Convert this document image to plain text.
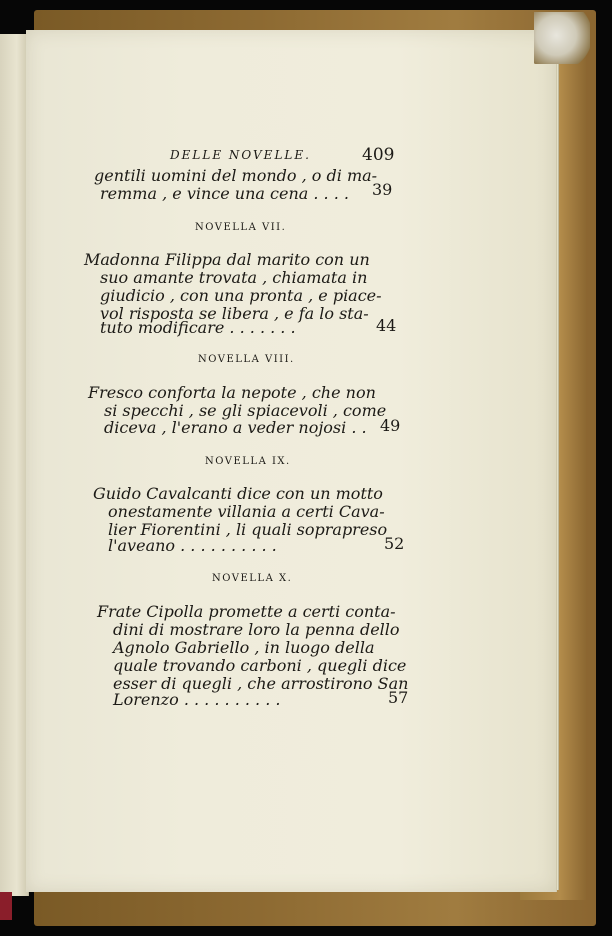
DELLE NOVELLE.	409
gentili uomini del mondo , o di ma-
remma , e vince una cena . . . . 39
NOVELLA VII.
Madonna Filippa dal marito con un
suo amante trovata , chiamata in
giudicio , con una pronta , e piace-
vol risposta se libera , e fa lo sta-
tuto modificare . . . . . . .	44
NOVELLA VIII.
Fresco conforta la nepote , che non
si specchi , se gli spiacevoli , come
diceva , l'erano a veder nojosi . . 49
NOVELLA IX.
Guido Cavalcanti dice con un motto
onestamente villania a certi Cava-
lier Fiorentini , li quali soprapreso
l'aveano . . . . . . . . . .	52
NOVELLA X.
Frate Cipolla promette a certi conta-
dini di mostrare loro la penna dello
Agnolo Gabriello , in luogo della
quale trovando carboni , quegli dice
esser di quegli , che arrostirono San
Lorenzo . . . . . . . . . .	57
